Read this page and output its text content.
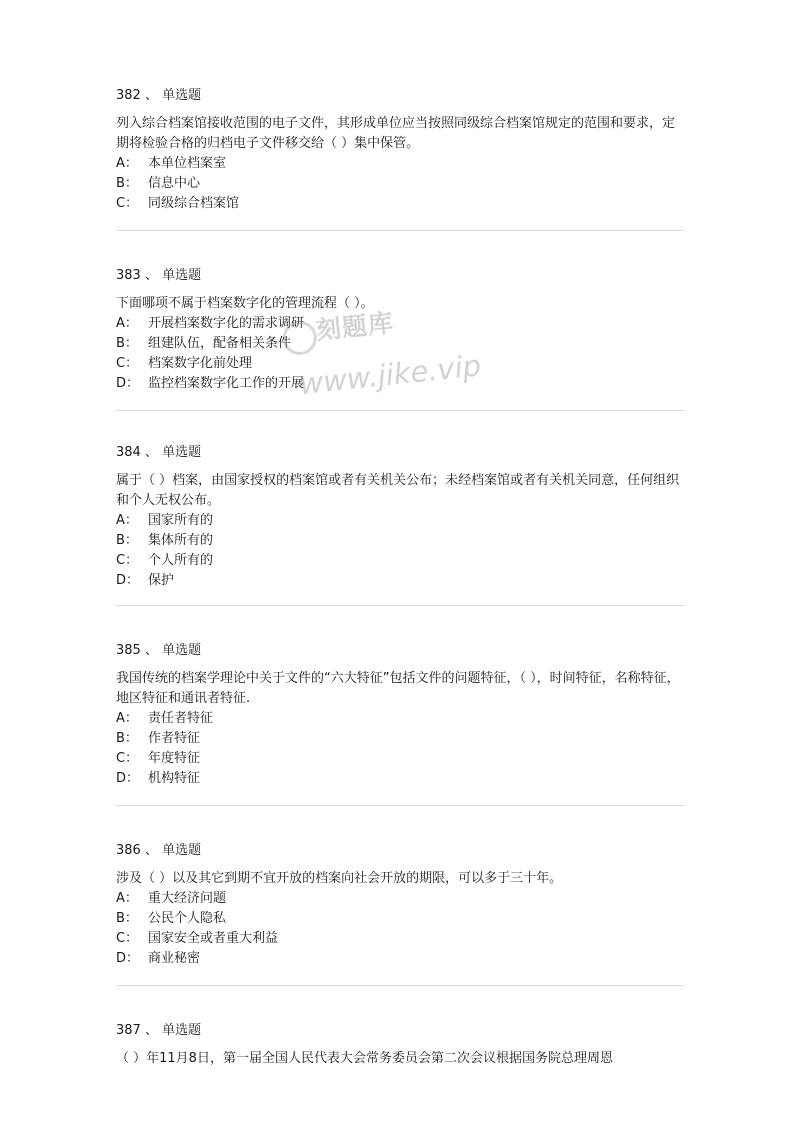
382 、 单选题
列入综合档案馆接收范围的电子文件，其形成单位应当按照同级综合档案馆规定的范围和要求，定期将检验合格的归档电子文件移交给（ ）集中保管。
A： 本单位档案室
B： 信息中心
C： 同级综合档案馆
383 、 单选题
下面哪项不属于档案数字化的管理流程（ ）。
A： 开展档案数字化的需求调研
B： 组建队伍，配备相关条件
C： 档案数字化前处理
D： 监控档案数字化工作的开展
384 、 单选题
属于（ ）档案，由国家授权的档案馆或者有关机关公布；未经档案馆或者有关机关同意，任何组织和个人无权公布。
A： 国家所有的
B： 集体所有的
C： 个人所有的
D： 保护
385 、 单选题
我国传统的档案学理论中关于文件的“六大特征”包括文件的问题特征，（ ），时间特征，名称特征，地区特征和通讯者特征.
A： 责任者特征
B： 作者特征
C： 年度特征
D： 机构特征
386 、 单选题
涉及（ ）以及其它到期不宜开放的档案向社会开放的期限，可以多于三十年。
A： 重大经济问题
B： 公民个人隐私
C： 国家安全或者重大利益
D： 商业秘密
387 、 单选题
（ ）年11月8日，第一届全国人民代表大会常务委员会第二次会议根据国务院总理周恩
刻题库
www.jike.vip
